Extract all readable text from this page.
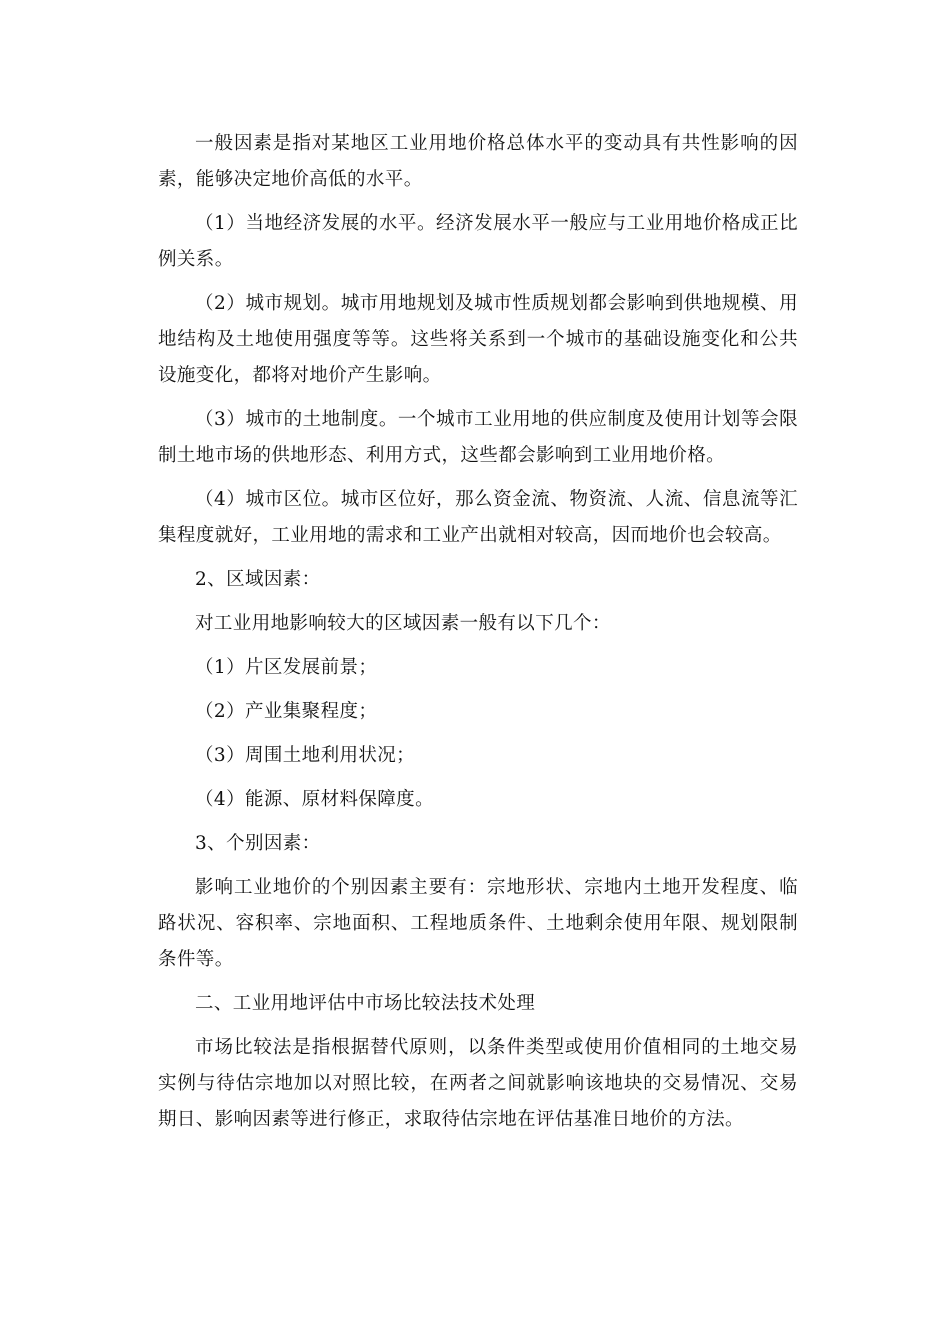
一般因素是指对某地区工业用地价格总体水平的变动具有共性影响的因素，能够决定地价高低的水平。

（1）当地经济发展的水平。经济发展水平一般应与工业用地价格成正比例关系。

（2）城市规划。城市用地规划及城市性质规划都会影响到供地规模、用地结构及土地使用强度等等。这些将关系到一个城市的基础设施变化和公共设施变化，都将对地价产生影响。

（3）城市的土地制度。一个城市工业用地的供应制度及使用计划等会限制土地市场的供地形态、利用方式，这些都会影响到工业用地价格。

（4）城市区位。城市区位好，那么资金流、物资流、人流、信息流等汇集程度就好，工业用地的需求和工业产出就相对较高，因而地价也会较高。

2、区域因素：

对工业用地影响较大的区域因素一般有以下几个：

（1）片区发展前景；

（2）产业集聚程度；

（3）周围土地利用状况；

（4）能源、原材料保障度。

3、个别因素：

影响工业地价的个别因素主要有：宗地形状、宗地内土地开发程度、临路状况、容积率、宗地面积、工程地质条件、土地剩余使用年限、规划限制条件等。

二、工业用地评估中市场比较法技术处理

市场比较法是指根据替代原则，以条件类型或使用价值相同的土地交易实例与待估宗地加以对照比较，在两者之间就影响该地块的交易情况、交易期日、影响因素等进行修正，求取待估宗地在评估基准日地价的方法。
